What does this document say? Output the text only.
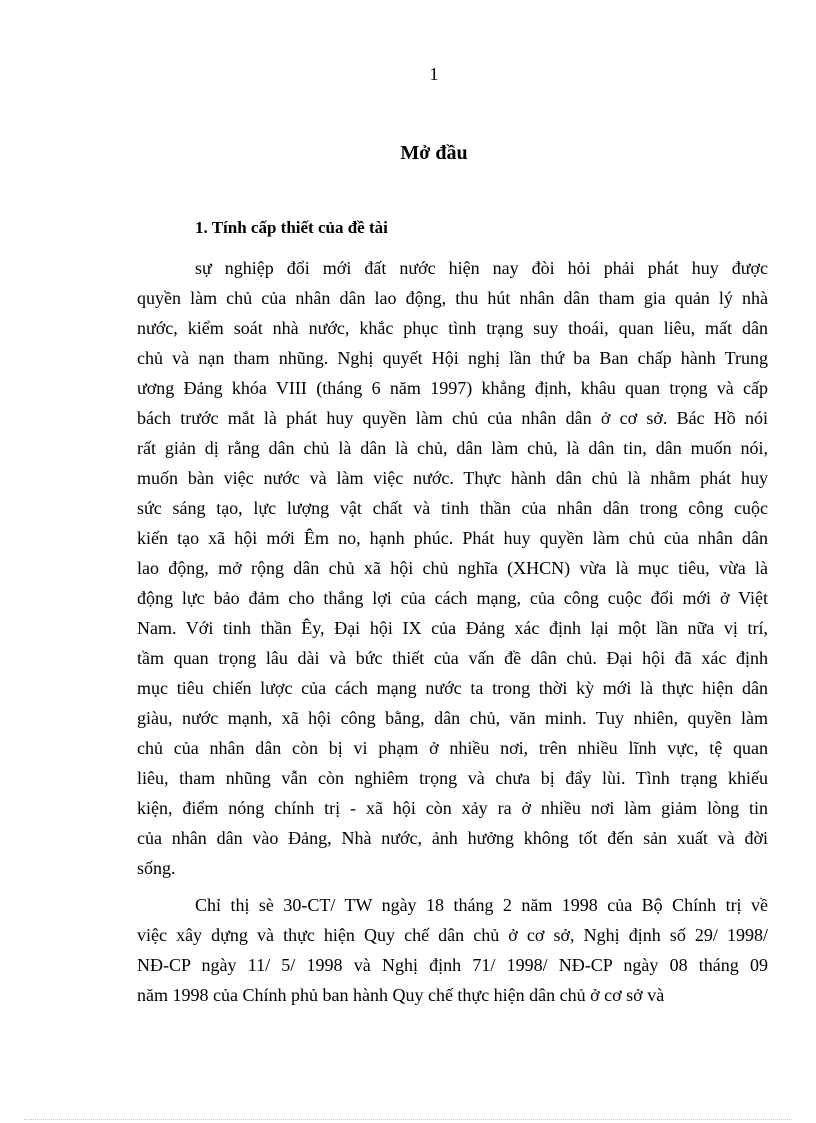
1
Mở đầu
1. Tính cấp thiết của đề tài
sự nghiệp đổi mới đất nước hiện nay đòi hỏi phải phát huy được
quyền làm chủ của nhân dân lao động, thu hút nhân dân tham gia quản lý nhà
nước, kiểm soát nhà nước, khắc phục tình trạng suy thoái, quan liêu, mất dân
chủ và nạn tham nhũng. Nghị quyết Hội nghị lần thứ ba Ban chấp hành Trung
ương Đảng khóa VIII (tháng 6 năm 1997) khẳng định, khâu quan trọng và cấp
bách trước mắt là phát huy quyền làm chủ của nhân dân ở cơ sở. Bác Hồ nói
rất giản dị rằng dân chủ là dân là chủ, dân làm chủ, là dân tin, dân muốn nói,
muốn bàn việc nước và làm việc nước. Thực hành dân chủ là nhằm phát huy
sức sáng tạo, lực lượng vật chất và tinh thần của nhân dân trong công cuộc
kiến tạo xã hội mới Êm no, hạnh phúc. Phát huy quyền làm chủ của nhân dân
lao động, mở rộng dân chủ xã hội chủ nghĩa (XHCN) vừa là mục tiêu, vừa là
động lực bảo đảm cho thắng lợi của cách mạng, của công cuộc đổi mới ở Việt
Nam. Với tinh thần Êy, Đại hội IX của Đảng xác định lại một lần nữa vị trí,
tầm quan trọng lâu dài và bức thiết của vấn đề dân chủ. Đại hội đã xác định
mục tiêu chiến lược của cách mạng nước ta trong thời kỳ mới là thực hiện dân
giàu, nước mạnh, xã hội công bằng, dân chủ, văn minh. Tuy nhiên, quyền làm
chủ của nhân dân còn bị vi phạm ở nhiều nơi, trên nhiều lĩnh vực, tệ quan
liêu, tham nhũng vẫn còn nghiêm trọng và chưa bị đẩy lùi. Tình trạng khiếu
kiện, điểm nóng chính trị - xã hội còn xảy ra ở nhiều nơi làm giảm lòng tin
của nhân dân vào Đảng, Nhà nước, ảnh hưởng không tốt đến sản xuất và đời
sống.
Chỉ thị sè 30-CT/ TW ngày 18 tháng 2 năm 1998 của Bộ Chính trị về
việc xây dựng và thực hiện Quy chế dân chủ ở cơ sở, Nghị định số 29/ 1998/
NĐ-CP ngày 11/ 5/ 1998 và Nghị định 71/ 1998/ NĐ-CP ngày 08 tháng 09
năm 1998 của Chính phủ ban hành Quy chế thực hiện dân chủ ở cơ sở và
